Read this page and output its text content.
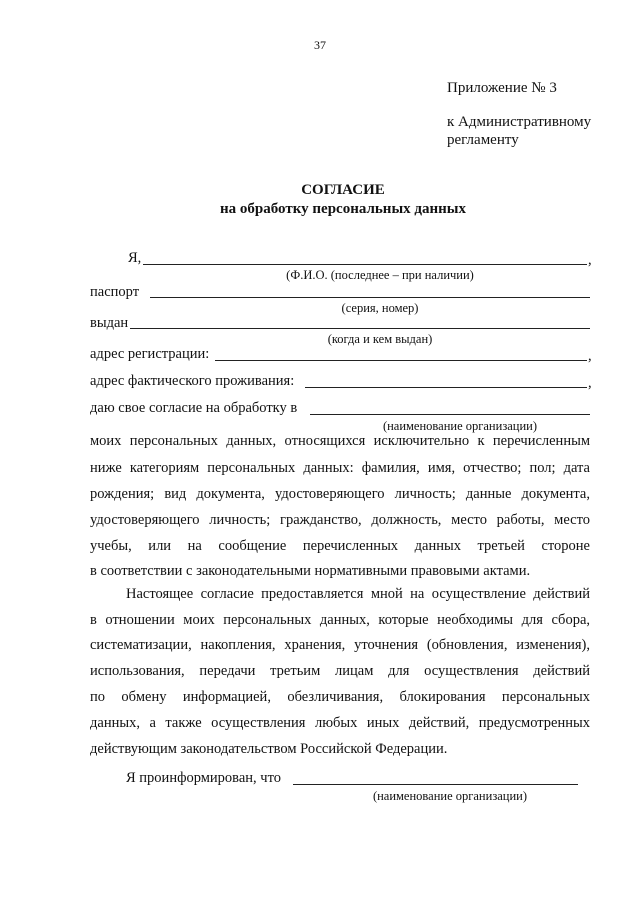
37
Приложение № 3
к Административному
регламенту
СОГЛАСИЕ
на обработку персональных данных
Я,	,
(Ф.И.О. (последнее – при наличии)
паспорт
(серия, номер)
выдан
(когда и кем выдан)
адрес регистрации:	,
адрес фактического проживания:	,
даю свое согласие на обработку в
(наименование организации)
моих персональных данных, относящихся исключительно к перечисленным
ниже категориям персональных данных: фамилия, имя, отчество; пол; дата
рождения; вид документа, удостоверяющего личность; данные документа,
удостоверяющего личность; гражданство, должность, место работы, место
учебы, или на сообщение перечисленных данных третьей стороне
в соответствии с законодательными нормативными правовыми актами.
Настоящее согласие предоставляется мной на осуществление действий
в отношении моих персональных данных, которые необходимы для сбора,
систематизации, накопления, хранения, уточнения (обновления, изменения),
использования, передачи третьим лицам для осуществления действий
по обмену информацией, обезличивания, блокирования персональных
данных, а также осуществления любых иных действий, предусмотренных
действующим законодательством Российской Федерации.
Я проинформирован, что
(наименование организации)
